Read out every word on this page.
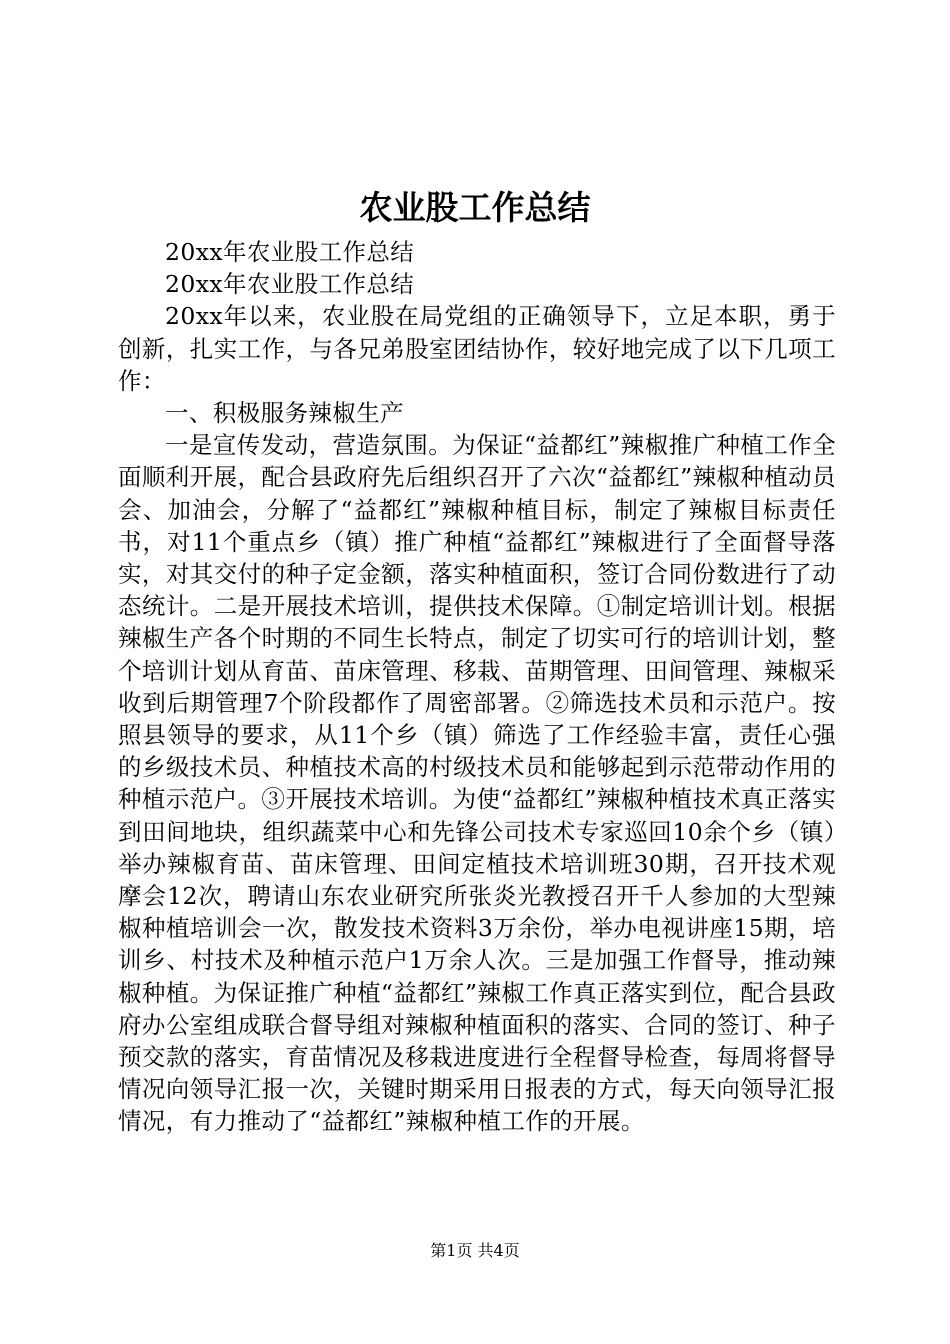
农业股工作总结

20xx年农业股工作总结

20xx年农业股工作总结

20xx年以来，农业股在局党组的正确领导下，立足本职，勇于创新，扎实工作，与各兄弟股室团结协作，较好地完成了以下几项工作：

一、积极服务辣椒生产

一是宣传发动，营造氛围。为保证“益都红”辣椒推广种植工作全面顺利开展，配合县政府先后组织召开了六次“益都红”辣椒种植动员会、加油会，分解了“益都红”辣椒种植目标，制定了辣椒目标责任书，对11个重点乡（镇）推广种植“益都红”辣椒进行了全面督导落实，对其交付的种子定金额，落实种植面积，签订合同份数进行了动态统计。二是开展技术培训，提供技术保障。①制定培训计划。根据辣椒生产各个时期的不同生长特点，制定了切实可行的培训计划，整个培训计划从育苗、苗床管理、移栽、苗期管理、田间管理、辣椒采收到后期管理7个阶段都作了周密部署。②筛选技术员和示范户。按照县领导的要求，从11个乡（镇）筛选了工作经验丰富，责任心强的乡级技术员、种植技术高的村级技术员和能够起到示范带动作用的种植示范户。③开展技术培训。为使“益都红”辣椒种植技术真正落实到田间地块，组织蔬菜中心和先锋公司技术专家巡回10余个乡（镇）举办辣椒育苗、苗床管理、田间定植技术培训班30期，召开技术观摩会12次，聘请山东农业研究所张炎光教授召开千人参加的大型辣椒种植培训会一次，散发技术资料3万余份，举办电视讲座15期，培训乡、村技术及种植示范户1万余人次。三是加强工作督导，推动辣椒种植。为保证推广种植“益都红”辣椒工作真正落实到位，配合县政府办公室组成联合督导组对辣椒种植面积的落实、合同的签订、种子预交款的落实，育苗情况及移栽进度进行全程督导检查，每周将督导情况向领导汇报一次，关键时期采用日报表的方式，每天向领导汇报情况，有力推动了“益都红”辣椒种植工作的开展。

第1页 共4页
